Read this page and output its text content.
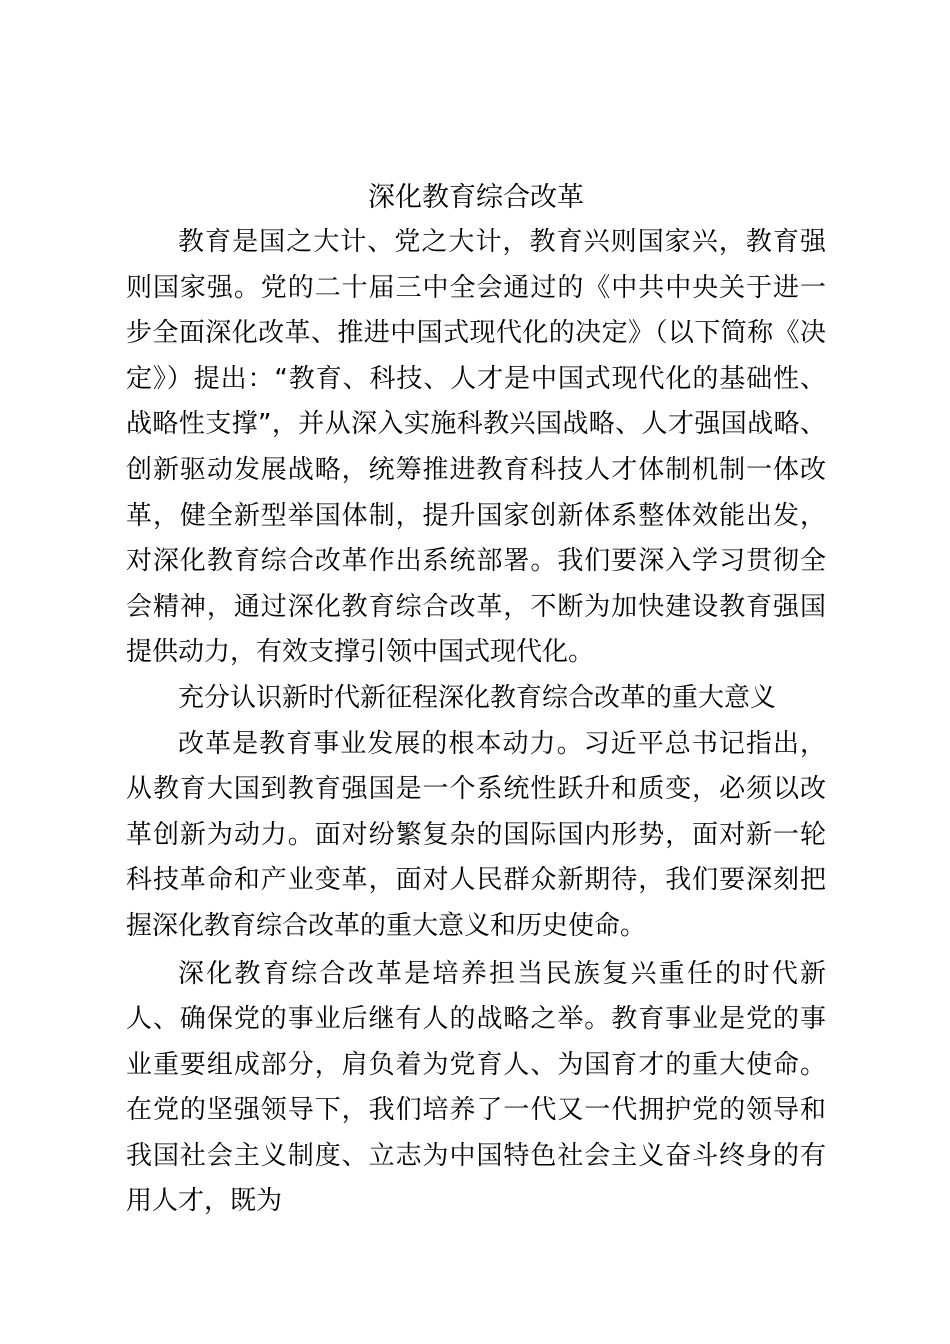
深化教育综合改革

教育是国之大计、党之大计，教育兴则国家兴，教育强则国家强。党的二十届三中全会通过的《中共中央关于进一步全面深化改革、推进中国式现代化的决定》（以下简称《决定》）提出：“教育、科技、人才是中国式现代化的基础性、战略性支撑”，并从深入实施科教兴国战略、人才强国战略、创新驱动发展战略，统筹推进教育科技人才体制机制一体改革，健全新型举国体制，提升国家创新体系整体效能出发，对深化教育综合改革作出系统部署。我们要深入学习贯彻全会精神，通过深化教育综合改革，不断为加快建设教育强国提供动力，有效支撑引领中国式现代化。

充分认识新时代新征程深化教育综合改革的重大意义

改革是教育事业发展的根本动力。习近平总书记指出，从教育大国到教育强国是一个系统性跃升和质变，必须以改革创新为动力。面对纷繁复杂的国际国内形势，面对新一轮科技革命和产业变革，面对人民群众新期待，我们要深刻把握深化教育综合改革的重大意义和历史使命。

深化教育综合改革是培养担当民族复兴重任的时代新人、确保党的事业后继有人的战略之举。教育事业是党的事业重要组成部分，肩负着为党育人、为国育才的重大使命。在党的坚强领导下，我们培养了一代又一代拥护党的领导和我国社会主义制度、立志为中国特色社会主义奋斗终身的有用人才，既为
